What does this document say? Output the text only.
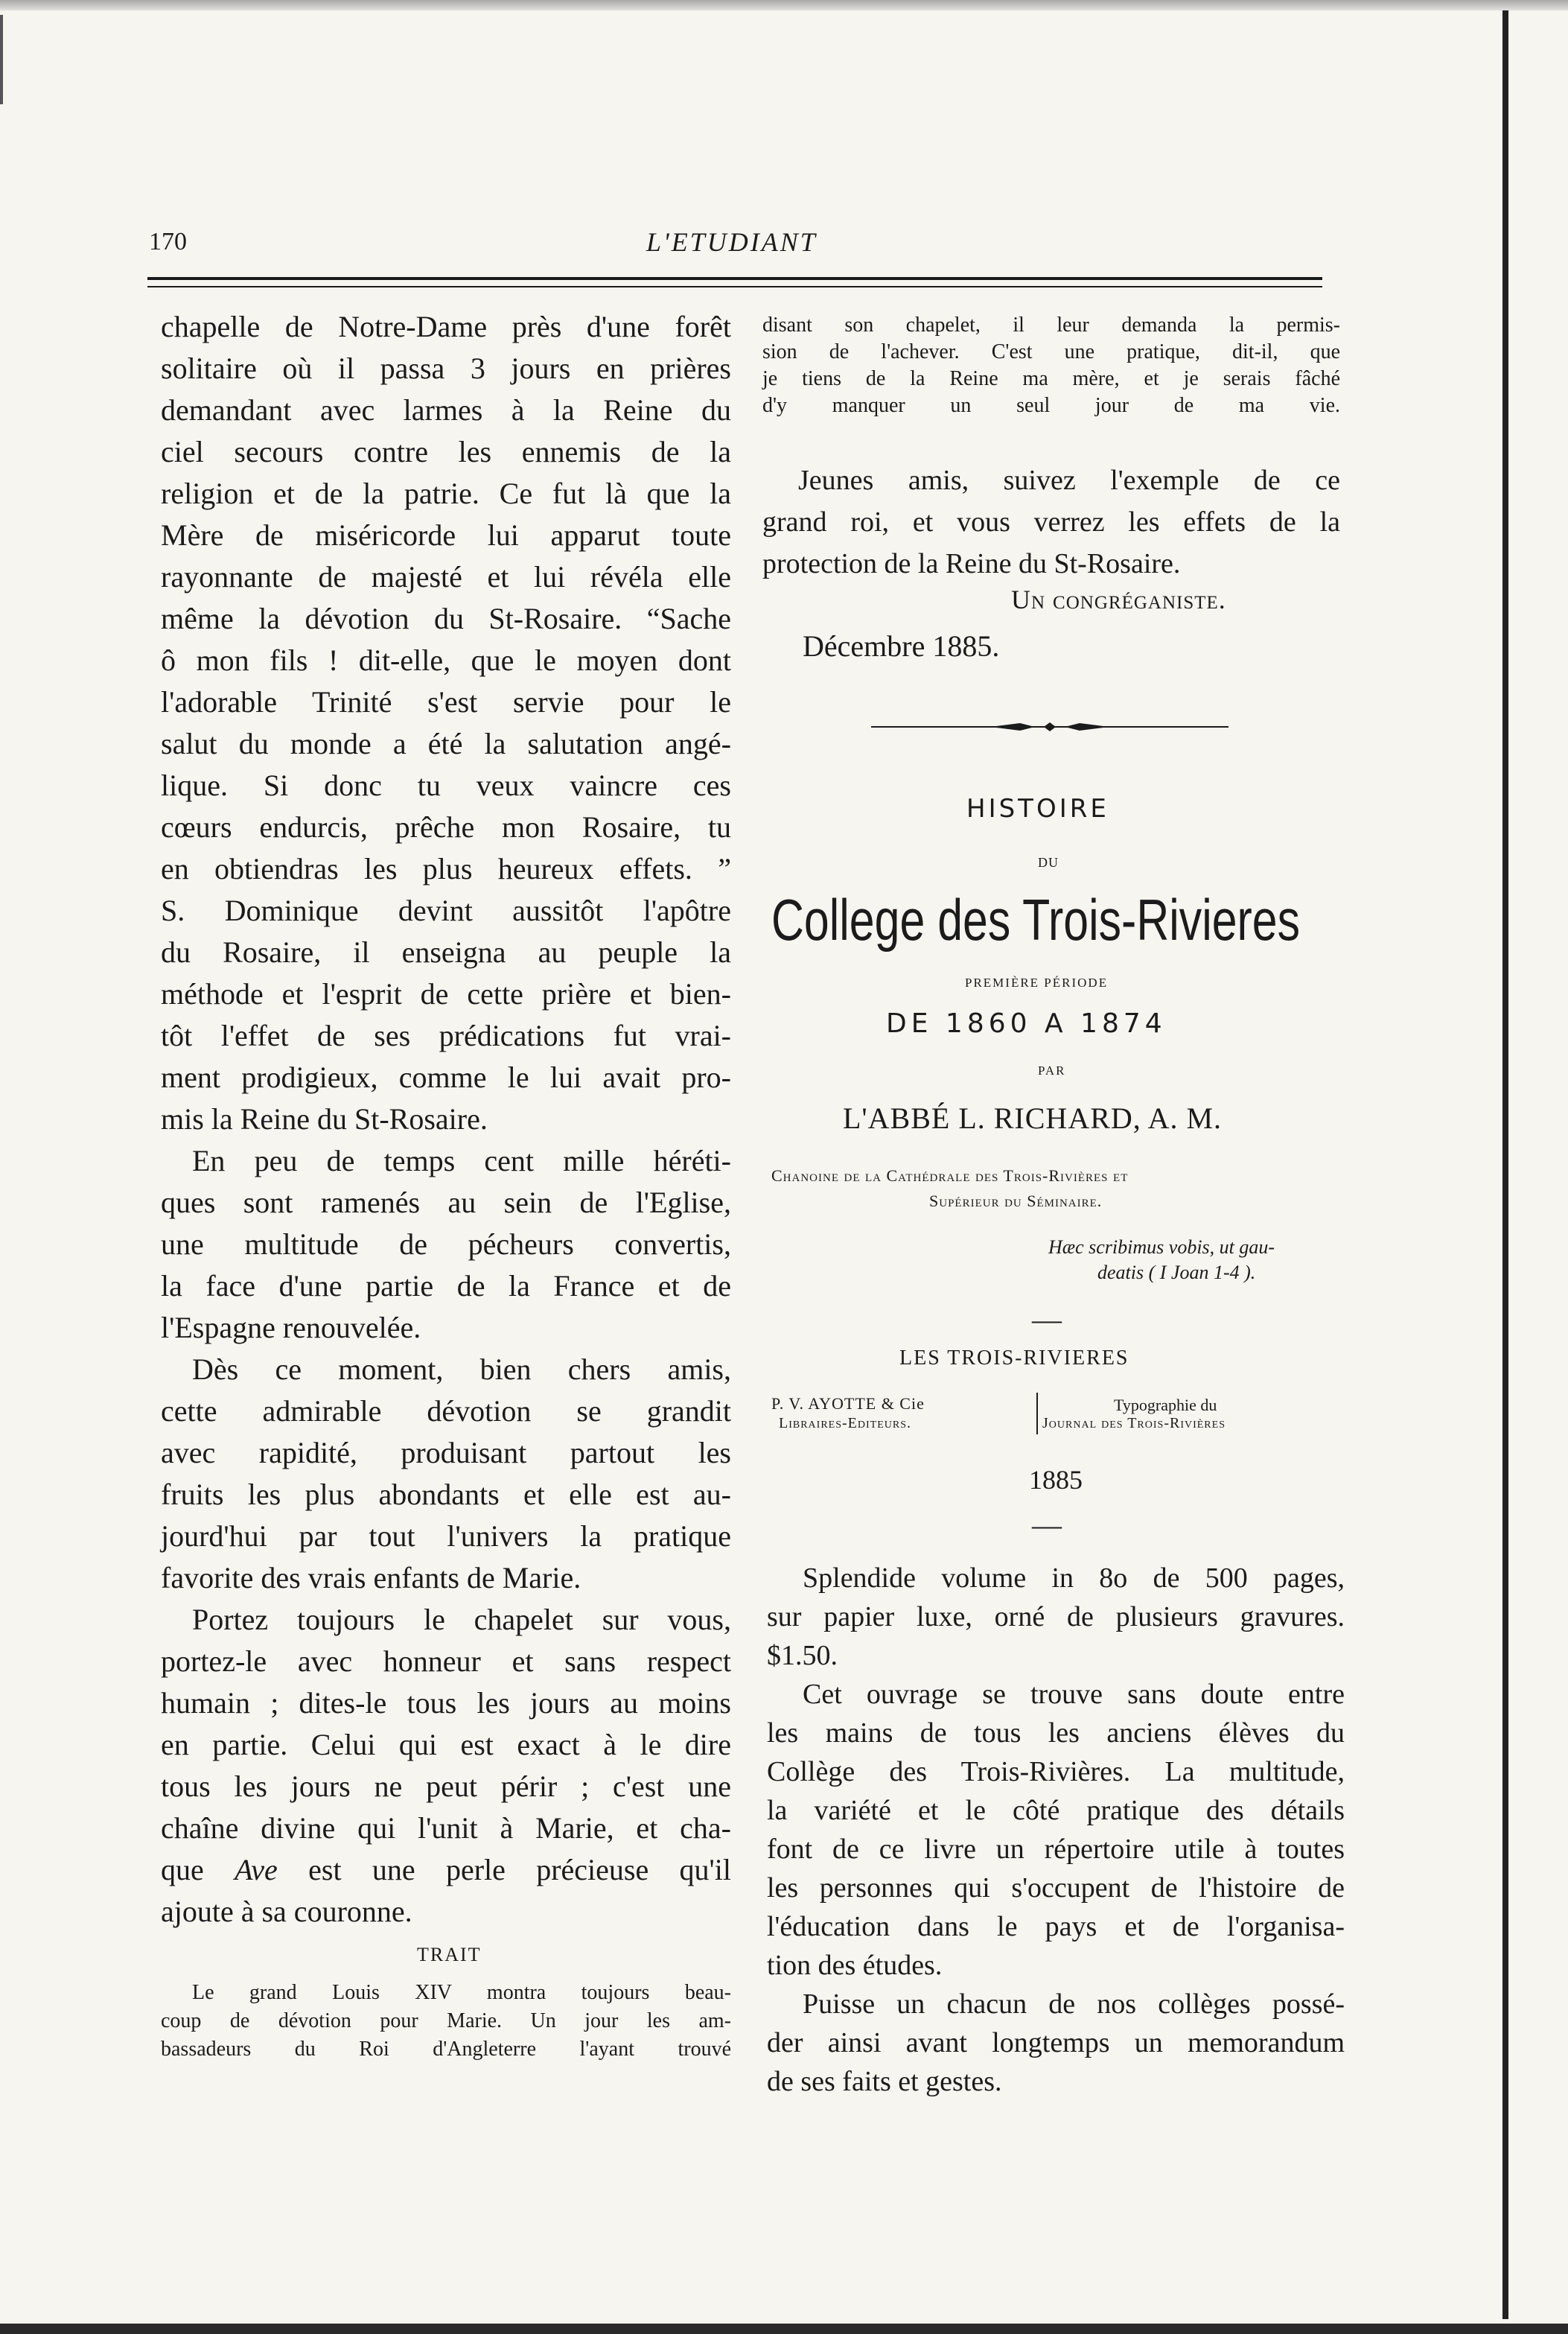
170	L'ETUDIANT
chapelle de Notre-Dame près d'une forêt
solitaire où il passa 3 jours en prières
demandant avec larmes à la Reine du
ciel secours contre les ennemis de la
religion et de la patrie. Ce fut là que la
Mère de miséricorde lui apparut toute
rayonnante de majesté et lui révéla elle
même la dévotion du St-Rosaire. “Sache
ô mon fils ! dit-elle, que le moyen dont
l'adorable Trinité s'est servie pour le
salut du monde a été la salutation angé-
lique. Si donc tu veux vaincre ces
cœurs endurcis, prêche mon Rosaire, tu
en obtiendras les plus heureux effets. ”
S. Dominique devint aussitôt l'apôtre
du Rosaire, il enseigna au peuple la
méthode et l'esprit de cette prière et bien-
tôt l'effet de ses prédications fut vrai-
ment prodigieux, comme le lui avait pro-
mis la Reine du St-Rosaire.
En peu de temps cent mille héréti-
ques sont ramenés au sein de l'Eglise,
une multitude de pécheurs convertis,
la face d'une partie de la France et de
l'Espagne renouvelée.
Dès ce moment, bien chers amis,
cette admirable dévotion se grandit
avec rapidité, produisant partout les
fruits les plus abondants et elle est au-
jourd'hui par tout l'univers la pratique
favorite des vrais enfants de Marie.
Portez toujours le chapelet sur vous,
portez-le avec honneur et sans respect
humain ; dites-le tous les jours au moins
en partie. Celui qui est exact à le dire
tous les jours ne peut périr ; c'est une
chaîne divine qui l'unit à Marie, et cha-
que Ave est une perle précieuse qu'il
ajoute à sa couronne.
TRAIT
Le grand Louis XIV montra toujours beau-
coup de dévotion pour Marie. Un jour les am-
bassadeurs du Roi d'Angleterre l'ayant trouvé
disant son chapelet, il leur demanda la permis-
sion de l'achever. C'est une pratique, dit-il, que
je tiens de la Reine ma mère, et je serais fâché
d'y manquer un seul jour de ma vie.
Jeunes amis, suivez l'exemple de ce
grand roi, et vous verrez les effets de la
protection de la Reine du St-Rosaire.
Un congréganiste.
Décembre 1885.
HISTOIRE
DU
College des Trois-Rivieres
PREMIÈRE PÉRIODE
DE 1860 A 1874
PAR
L'ABBÉ L. RICHARD, A. M.
Chanoine de la Cathédrale des Trois-Rivières et
Supérieur du Séminaire.
Hæc scribimus vobis, ut gau-
deatis ( I Joan 1-4 ).
—
LES TROIS-RIVIERES
P. V. AYOTTE & Cie
Libraires-Editeurs.
Typographie du
Journal des Trois-Rivières
1885
—
Splendide volume in 8o de 500 pages,
sur papier luxe, orné de plusieurs gravures.
$1.50.
Cet ouvrage se trouve sans doute entre
les mains de tous les anciens élèves du
Collège des Trois-Rivières. La multitude,
la variété et le côté pratique des détails
font de ce livre un répertoire utile à toutes
les personnes qui s'occupent de l'histoire de
l'éducation dans le pays et de l'organisa-
tion des études.
Puisse un chacun de nos collèges possé-
der ainsi avant longtemps un memorandum
de ses faits et gestes.
